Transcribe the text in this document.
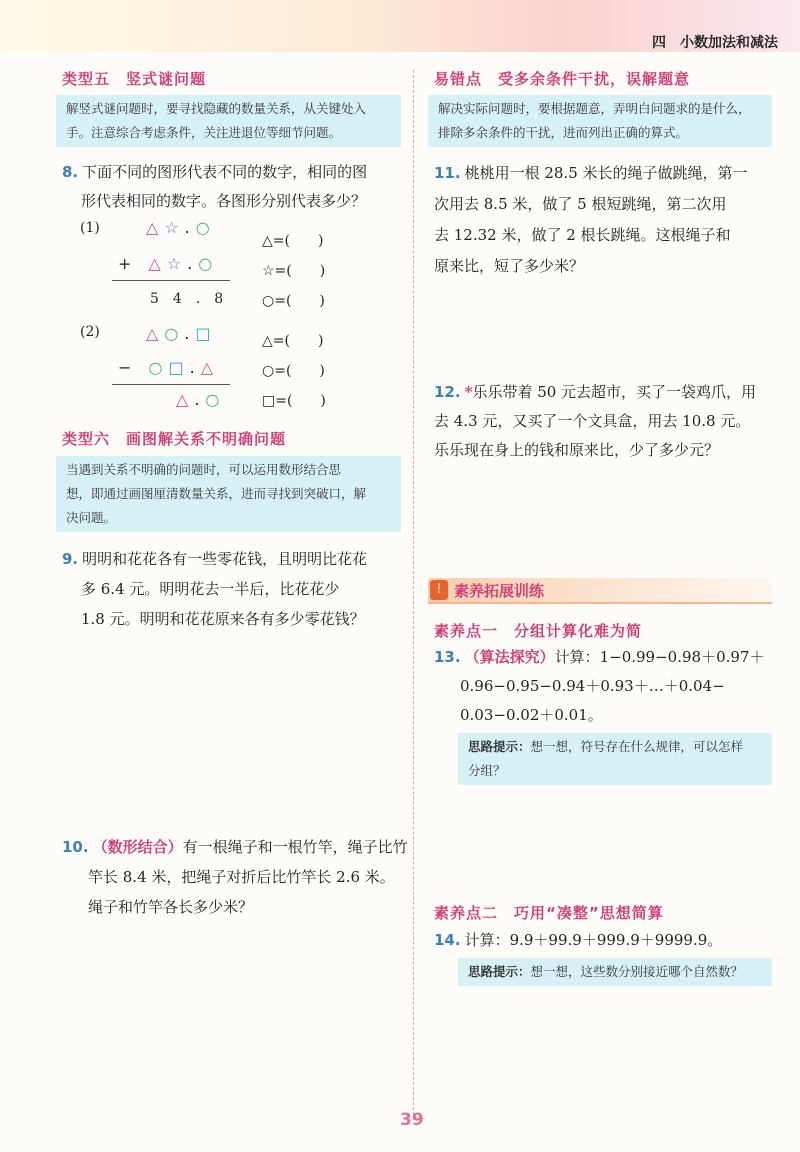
四　小数加法和减法
类型五　竖式谜问题
解竖式谜问题时，要寻找隐藏的数量关系，从关键处入
手。注意综合考虑条件，关注进退位等细节问题。
8. 下面不同的图形代表不同的数字，相同的图
形代表相同的数字。各图形分别代表多少？
(1)	△☆.○
+ △☆.○
5　4　.　8
△=(　　)
☆=(　　)
○=(　　)
(2)	△○.□
− ○□.△
△.○
△=(　　)
○=(　　)
□=(　　)
类型六　画图解关系不明确问题
当遇到关系不明确的问题时，可以运用数形结合思
想，即通过画图厘清数量关系，进而寻找到突破口，解
决问题。
9. 明明和花花各有一些零花钱，且明明比花花
多 6.4 元。明明花去一半后，比花花少
1.8 元。明明和花花原来各有多少零花钱？
10. （数形结合）有一根绳子和一根竹竿，绳子比竹
竿长 8.4 米，把绳子对折后比竹竿长 2.6 米。
绳子和竹竿各长多少米？
易错点　受多余条件干扰，误解题意
解决实际问题时，要根据题意，弄明白问题求的是什么，
排除多余条件的干扰，进而列出正确的算式。
11. 桃桃用一根 28.5 米长的绳子做跳绳，第一
次用去 8.5 米，做了 5 根短跳绳，第二次用
去 12.32 米，做了 2 根长跳绳。这根绳子和
原来比，短了多少米？
12. *乐乐带着 50 元去超市，买了一袋鸡爪，用
去 4.3 元，又买了一个文具盒，用去 10.8 元。
乐乐现在身上的钱和原来比，少了多少元？
! 素养拓展训练
素养点一　分组计算化难为简
13. （算法探究）计算：1−0.99−0.98＋0.97＋
0.96−0.95−0.94＋0.93＋…＋0.04−
0.03−0.02＋0.01。
思路提示：想一想，符号存在什么规律，可以怎样
分组？
素养点二　巧用“凑整”思想简算
14. 计算：9.9＋99.9＋999.9＋9999.9。
思路提示：想一想，这些数分别接近哪个自然数？
39
